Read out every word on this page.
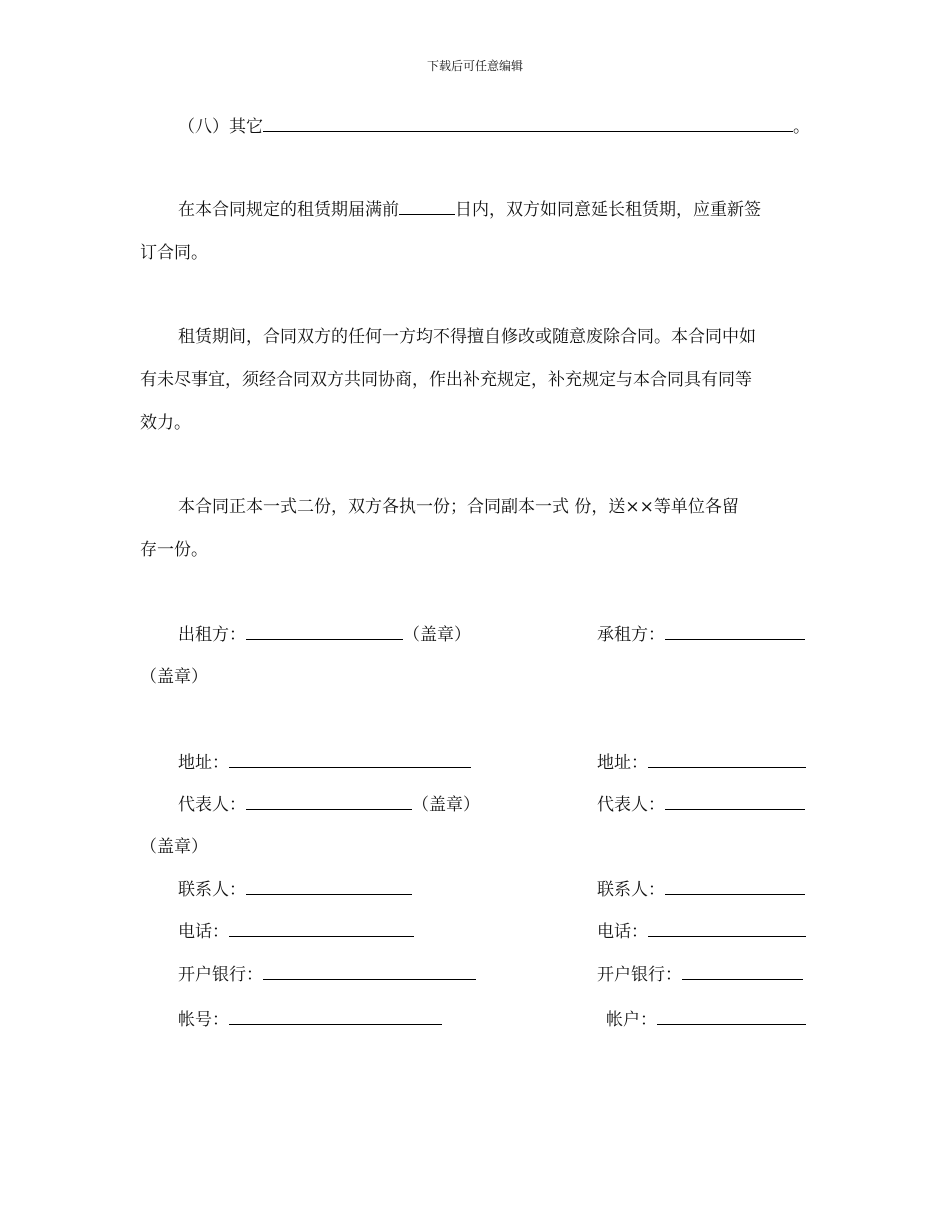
下载后可任意编辑
（八）其它	。
在本合同规定的租赁期届满前	日内，双方如同意延长租赁期，应重新签
订合同。
租赁期间，合同双方的任何一方均不得擅自修改或随意废除合同。本合同中如
有未尽事宜，须经合同双方共同协商，作出补充规定，补充规定与本合同具有同等
效力。
本合同正本一式二份，双方各执一份；合同副本一式 份，送××等单位各留
存一份。
出租方：	（盖章）	承租方：
（盖章）
地址：	地址：
代表人：	（盖章）	代表人：
（盖章）
联系人：	联系人：
电话：	电话：
开户银行：	开户银行：
帐号：	帐户：
